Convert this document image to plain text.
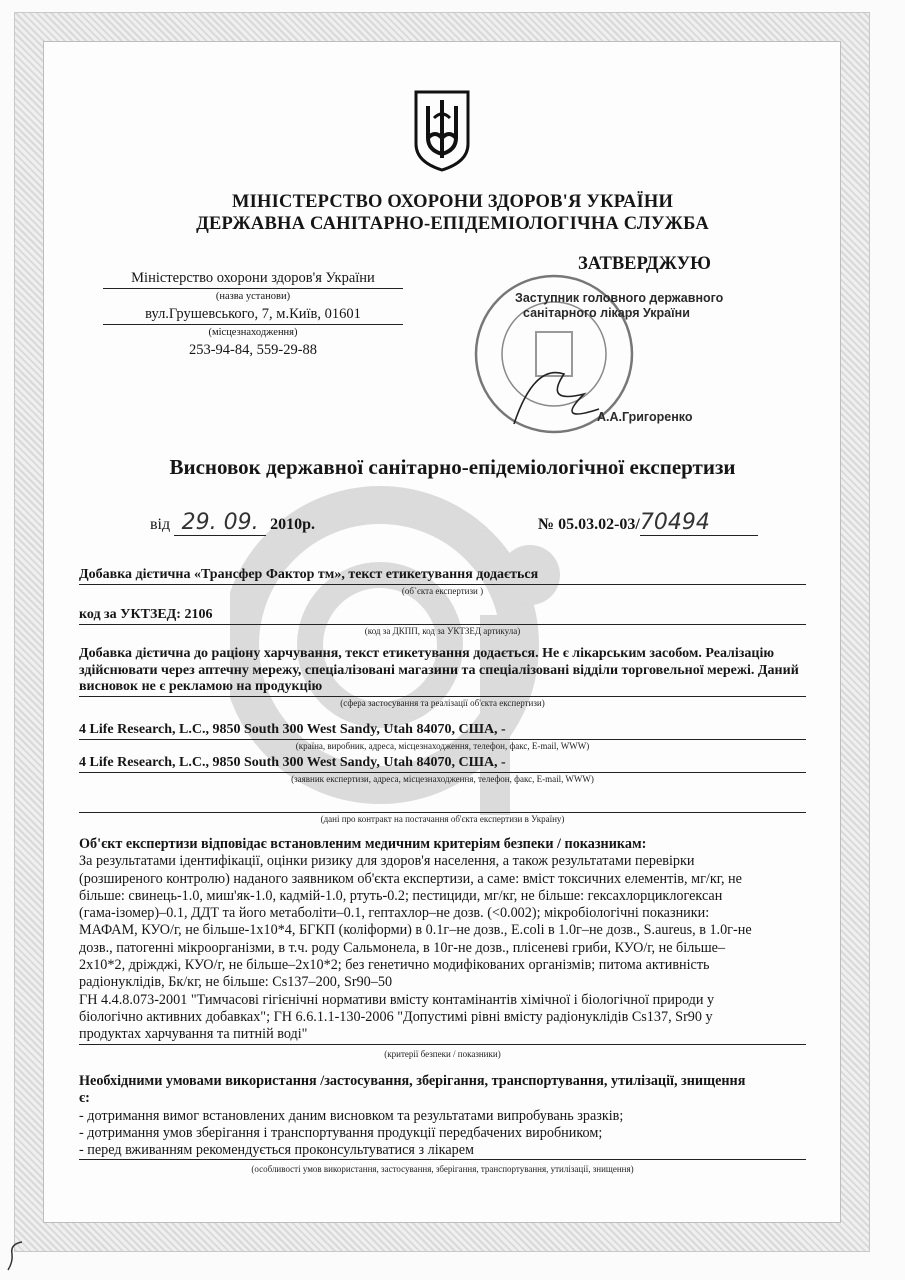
МІНІСТЕРСТВО ОХОРОНИ ЗДОРОВ'Я УКРАЇНИ
ДЕРЖАВНА САНІТАРНО-ЕПІДЕМІОЛОГІЧНА СЛУЖБА
ЗАТВЕРДЖУЮ
Міністерство охорони здоров'я України
(назва установи)
вул.Грушевського, 7, м.Київ, 01601
(місцезнаходження)
253-94-84, 559-29-88
Заступник головного державного
санітарного лікаря України
А.А.Григоренко
Висновок державної санітарно-епідеміологічної експертизи
від 29. 09. 2010р.	№ 05.03.02-03/70494
Добавка дієтична «Трансфер Фактор тм», текст етикетування додається
(об`єкта експертизи )
код за УКТЗЕД: 2106
(код за ДКПП, код за УКТЗЕД артикула)
Добавка дієтична до раціону харчування, текст етикетування додається. Не є лікарським засобом. Реалізацію здійснювати через аптечну мережу, спеціалізовані магазини та спеціалізовані відділи торговельної мережі. Даний висновок не є рекламою на продукцію
(сфера застосування та реалізації об'єкта експертизи)
4 Life Research, L.C., 9850 South 300 West Sandy, Utah 84070, США, -
(країна, виробник, адреса, місцезнаходження, телефон, факс, E-mail, WWW)
4 Life Research, L.C., 9850 South 300 West Sandy, Utah 84070, США, -
(заявник експертизи, адреса, місцезнаходження, телефон, факс, E-mail, WWW)
(дані про контракт на постачання об'єкта експертизи в Україну)

Об'єкт експертизи відповідає встановленим медичним критеріям безпеки / показникам:

За результатами ідентифікації, оцінки ризику для здоров'я населення, а також результатами перевірки

(розширеного контролю) наданого заявником об'єкта експертизи, а саме: вміст токсичних елементів, мг/кг, не

більше: свинець-1.0, миш'як-1.0, кадмій-1.0, ртуть-0.2; пестициди, мг/кг, не більше: гексахлорциклогексан

(гама-ізомер)–0.1, ДДТ та його метаболіти–0.1, гептахлор–не дозв. (<0.002); мікробіологічні показники:

МАФАМ, КУО/г, не більше-1х10*4, БГКП (коліформи) в 0.1г–не дозв., E.coli в 1.0г–не дозв., S.aureus, в 1.0г-не

дозв., патогенні мікроорганізми, в т.ч. роду Сальмонела, в 10г-не дозв., плісеневі гриби, КУО/г, не більше–

2х10*2, дріжджі, КУО/г, не більше–2х10*2; без генетично модифікованих організмів; питома активність

радіонуклідів, Бк/кг, не більше: Cs137–200, Sr90–50

ГН 4.4.8.073-2001 "Тимчасові гігієнічні нормативи вмісту контамінантів хімічної і біологічної природи у

біологічно активних добавках"; ГН 6.6.1.1-130-2006 "Допустимі рівні вмісту радіонуклідів Cs137, Sr90 у

продуктах харчування та питній воді"

(критерії безпеки / показники)

Необхідними умовами використання /застосування, зберігання, транспортування, утилізації, знищення

є:

- дотримання вимог встановлених даним висновком та результатами випробувань зразків;

- дотримання умов зберігання і транспортування продукції передбачених виробником;

- перед вживанням рекомендується проконсультуватися з лікарем

(особливості умов використання, застосування, зберігання, транспортування, утилізації, знищення)
